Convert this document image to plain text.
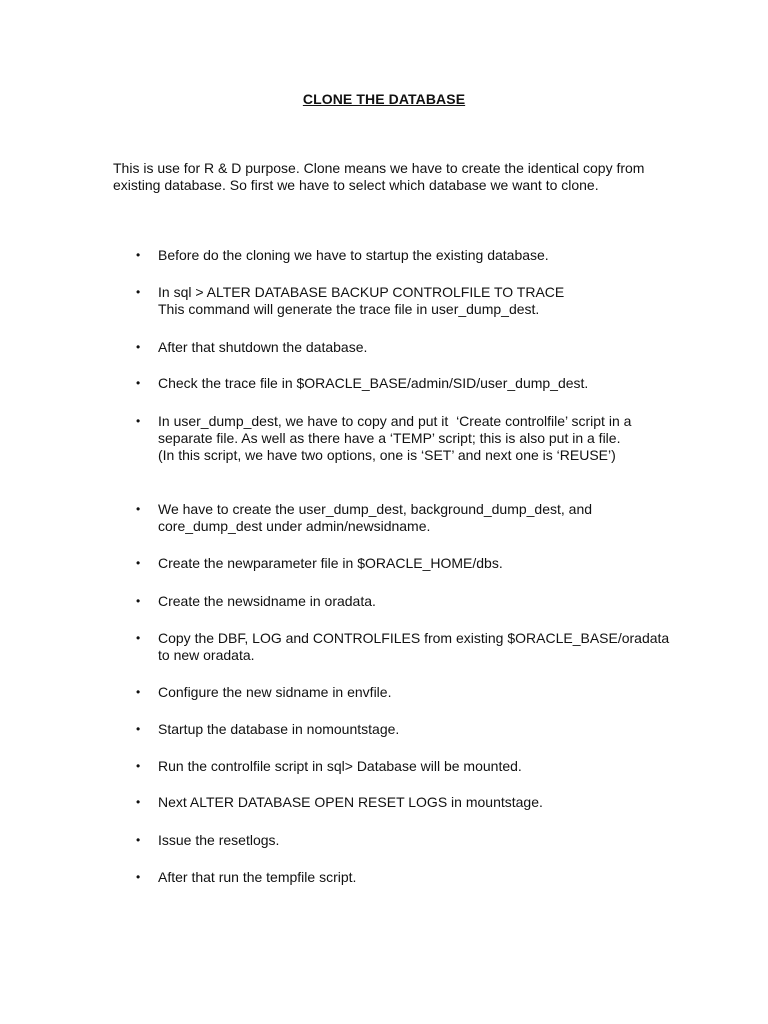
CLONE THE DATABASE
This is use for R & D purpose. Clone means we have to create the identical copy from existing database. So first we have to select which database we want to clone.
•	Before do the cloning we have to startup the existing database.
•	In sql > ALTER DATABASE BACKUP CONTROLFILE TO TRACE
This command will generate the trace file in user_dump_dest.
•	After that shutdown the database.
•	Check the trace file in $ORACLE_BASE/admin/SID/user_dump_dest.
•	In user_dump_dest, we have to copy and put it  ‘Create controlfile’ script in a separate file. As well as there have a ‘TEMP’ script; this is also put in a file.
(In this script, we have two options, one is ‘SET’ and next one is ‘REUSE’)
•	We have to create the user_dump_dest, background_dump_dest, and core_dump_dest under admin/newsidname.
•	Create the newparameter file in $ORACLE_HOME/dbs.
•	Create the newsidname in oradata.
•	Copy the DBF, LOG and CONTROLFILES from existing $ORACLE_BASE/oradata to new oradata.
•	Configure the new sidname in envfile.
•	Startup the database in nomountstage.
•	Run the controlfile script in sql> Database will be mounted.
•	Next ALTER DATABASE OPEN RESET LOGS in mountstage.
•	Issue the resetlogs.
•	After that run the tempfile script.
